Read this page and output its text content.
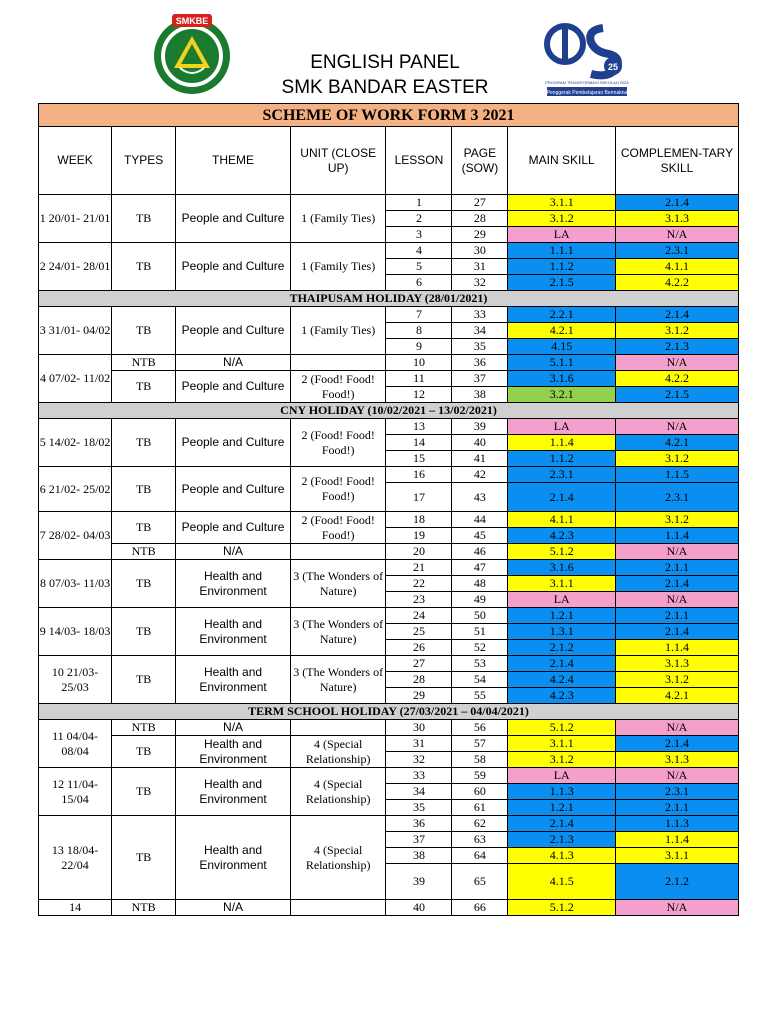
SMKBE
ENGLISH PANEL
SMK BANDAR EASTER
25
PROGRAM TRANSFORMASI SEKOLAH 2025
Penggerak Pembelajaran Bermakna
SCHEME OF WORK FORM 3 2021							
WEEK	TYPES	THEME	UNIT (CLOSE UP)	LESSON	PAGE (SOW)	MAIN SKILL	COMPLEMEN-TARY SKILL
1 20/01- 21/01	TB	People and Culture	1 (Family Ties)	1	27	3.1.1	2.1.4
				2	28	3.1.2	3.1.3
				3	29	LA	N/A
2 24/01- 28/01	TB	People and Culture	1 (Family Ties)	4	30	1.1.1	2.3.1
				5	31	1.1.2	4.1.1
				6	32	2.1.5	4.2.2
THAIPUSAM HOLIDAY (28/01/2021)							
3 31/01- 04/02	TB	People and Culture	1 (Family Ties)	7	33	2.2.1	2.1.4
				8	34	4.2.1	3.1.2
				9	35	4.15	2.1.3
4 07/02- 11/02	NTB	N/A		10	36	5.1.1	N/A
	TB	People and Culture	2 (Food! Food! Food!)	11	37	3.1.6	4.2.2
				12	38	3.2.1	2.1.5
CNY HOLIDAY (10/02/2021 – 13/02/2021)							
5 14/02- 18/02	TB	People and Culture	2 (Food! Food! Food!)	13	39	LA	N/A
				14	40	1.1.4	4.2.1
				15	41	1.1.2	3.1.2
6 21/02- 25/02	TB	People and Culture	2 (Food! Food! Food!)	16	42	2.3.1	1.1.5
				17	43	2.1.4	2.3.1
7 28/02- 04/03	TB	People and Culture	2 (Food! Food! Food!)	18	44	4.1.1	3.1.2
				19	45	4.2.3	1.1.4
	NTB	N/A		20	46	5.1.2	N/A
8 07/03- 11/03	TB	Health and Environment	3 (The Wonders of Nature)	21	47	3.1.6	2.1.1
				22	48	3.1.1	2.1.4
				23	49	LA	N/A
9 14/03- 18/03	TB	Health and Environment	3 (The Wonders of Nature)	24	50	1.2.1	2.1.1
				25	51	1.3.1	2.1.4
				26	52	2.1.2	1.1.4
10 21/03- 25/03	TB	Health and Environment	3 (The Wonders of Nature)	27	53	2.1.4	3.1.3
				28	54	4.2.4	3.1.2
				29	55	4.2.3	4.2.1
TERM SCHOOL HOLIDAY (27/03/2021 – 04/04/2021)							
11 04/04- 08/04	NTB	N/A		30	56	5.1.2	N/A
	TB	Health and Environment	4 (Special Relationship)	31	57	3.1.1	2.1.4
				32	58	3.1.2	3.1.3
12 11/04- 15/04	TB	Health and Environment	4 (Special Relationship)	33	59	LA	N/A
				34	60	1.1.3	2.3.1
				35	61	1.2.1	2.1.1
13 18/04- 22/04	TB	Health and Environment	4 (Special Relationship)	36	62	2.1.4	1.1.3
				37	63	2.1.3	1.1.4
				38	64	4.1.3	3.1.1
				39	65	4.1.5	2.1.2
14	NTB	N/A		40	66	5.1.2	N/A
